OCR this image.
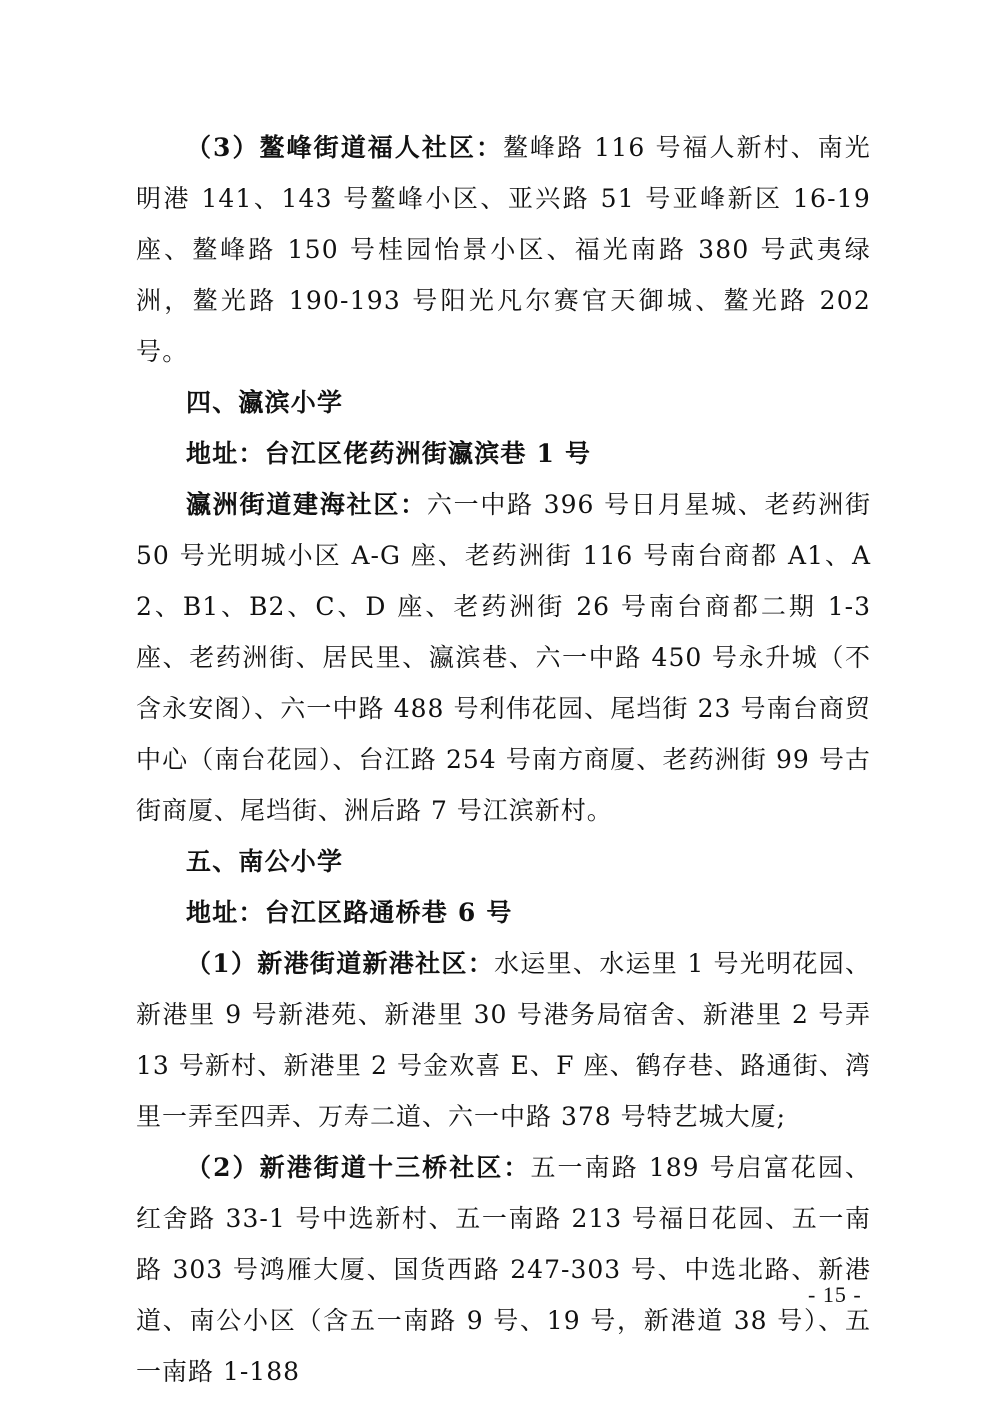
（3）鳌峰街道福人社区：鳌峰路 116 号福人新村、南光明港 141、143 号鳌峰小区、亚兴路 51 号亚峰新区 16-19 座、鳌峰路 150 号桂园怡景小区、福光南路 380 号武夷绿洲，鳌光路 190-193 号阳光凡尔赛官天御城、鳌光路 202 号。

四、瀛滨小学

地址：台江区佬药洲街瀛滨巷 1 号

瀛洲街道建海社区：六一中路 396 号日月星城、老药洲街 50 号光明城小区 A-G 座、老药洲街 116 号南台商都 A1、A2、B1、B2、C、D 座、老药洲街 26 号南台商都二期 1-3 座、老药洲街、居民里、瀛滨巷、六一中路 450 号永升城（不含永安阁）、六一中路 488 号利伟花园、尾垱街 23 号南台商贸中心（南台花园）、台江路 254 号南方商厦、老药洲街 99 号古街商厦、尾垱街、洲后路 7 号江滨新村。

五、南公小学

地址：台江区路通桥巷 6 号

（1）新港街道新港社区：水运里、水运里 1 号光明花园、新港里 9 号新港苑、新港里 30 号港务局宿舍、新港里 2 号弄 13 号新村、新港里 2 号金欢喜 E、F 座、鹤存巷、路通街、湾里一弄至四弄、万寿二道、六一中路 378 号特艺城大厦;

（2）新港街道十三桥社区：五一南路 189 号启富花园、红舍路 33-1 号中选新村、五一南路 213 号福日花园、五一南路 303 号鸿雁大厦、国货西路 247-303 号、中选北路、新港道、南公小区（含五一南路 9 号、19 号，新港道 38 号）、五一南路 1-188

- 15 -
